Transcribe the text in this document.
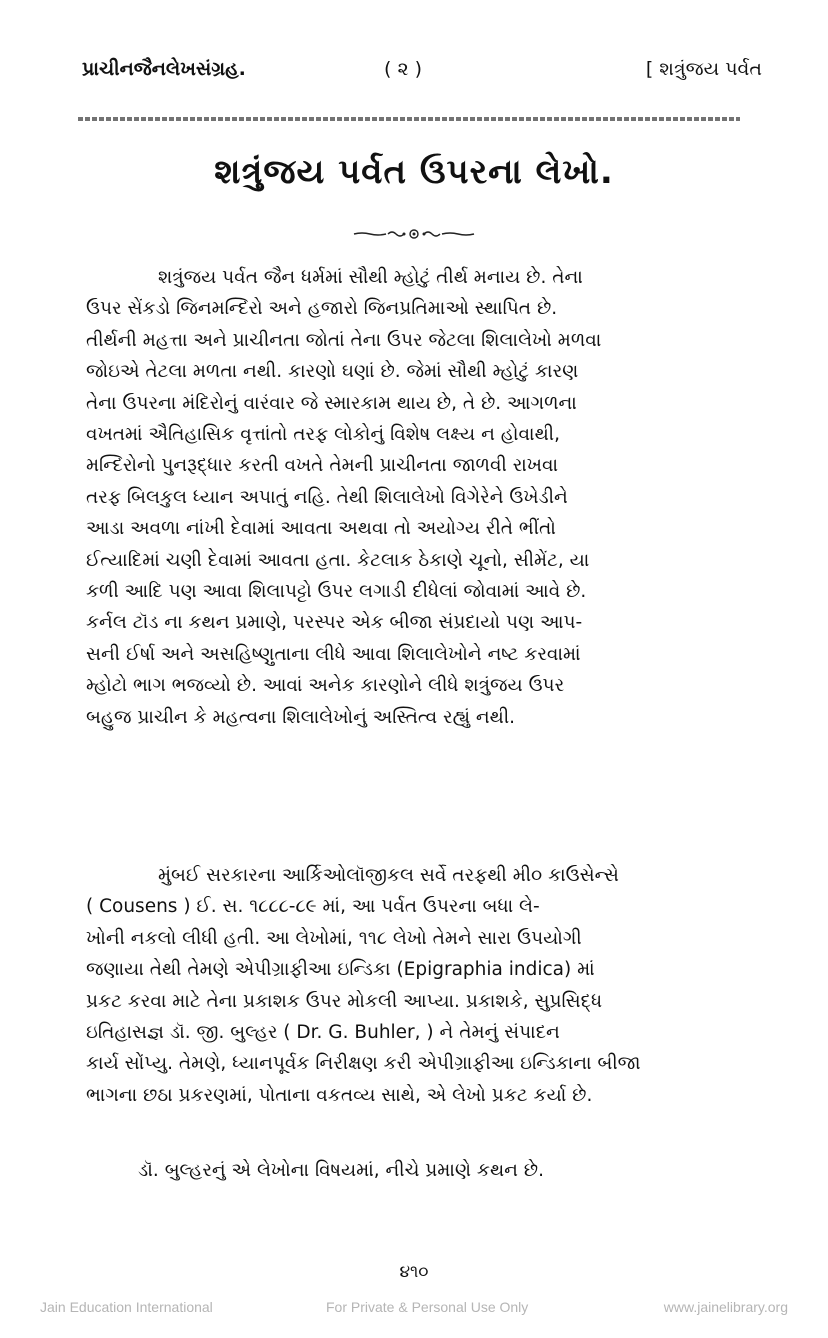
પ્રાચીનજૈનલેખસંગ્રહ.	( ૨ )	[ શત્રુંજય પર્વત
શત્રુંજય પર્વત ઉપરના લેખો.
શત્રુંજય પર્વત જૈન ધર્મમાં સૌથી મ્હોટું તીર્થ મનાય છે. તેના
ઉપર સેંકડો જિનમન્દિરો અને હજારો જિનપ્રતિમાઓ સ્થાપિત છે.
તીર્થની મહત્તા અને પ્રાચીનતા જોતાં તેના ઉપર જેટલા શિલાલેખો મળવા
જોઇએ તેટલા મળતા નથી. કારણો ઘણાં છે. જેમાં સૌથી મ્હોટું કારણ
તેના ઉપરના મંદિરોનું વારંવાર જે સ્મારકામ થાય છે, તે છે. આગળના
વખતમાં ઐતિહાસિક વૃત્તાંતો તરફ લોકોનું વિશેષ લક્ષ્ય ન હોવાથી,
મન્દિરોનો પુનરૂદ્ધાર કરતી વખતે તેમની પ્રાચીનતા જાળવી રાખવા
તરફ બિલકુલ ધ્યાન અપાતું નહિ. તેથી શિલાલેખો વિગેરેને ઉખેડીને
આડા અવળા નાંખી દેવામાં આવતા અથવા તો અયોગ્ય રીતે ભીંતો
ઈત્યાદિમાં ચણી દેવામાં આવતા હતા. કેટલાક ઠેકાણે ચૂનો, સીમેંટ, યા
કળી આદિ પણ આવા શિલાપટ્ટો ઉપર લગાડી દીધેલાં જોવામાં આવે છે.
કર્નલ ટૉડ ના કથન પ્રમાણે, પરસ્પર એક બીજા સંપ્રદાયો પણ આપ-
સની ઈર્ષા અને અસહિષ્ણુતાના લીધે આવા શિલાલેખોને નષ્ટ કરવામાં
મ્હોટો ભાગ ભજવ્યો છે. આવાં અનેક કારણોને લીધે શત્રુંજય ઉપર
બહુજ પ્રાચીન કે મહત્વના શિલાલેખોનું અસ્તિત્વ રહ્યું નથી.
મુંબઈ સરકારના આર્કિઓલૉજીકલ સર્વે તરફથી મી૦ કાઉસેન્સે
( Cousens ) ઈ. સ. ૧૮૮૮-૮૯ માં, આ પર્વત ઉપરના બધા લે-
ખોની નકલો લીધી હતી. આ લેખોમાં, ૧૧૮ લેખો તેમને સારા ઉપયોગી
જણાયા તેથી તેમણે એપીગ્રાફીઆ ઇન્ડિકા (Epigraphia indica) માં
પ્રકટ કરવા માટે તેના પ્રકાશક ઉપર મોકલી આપ્યા. પ્રકાશકે, સુપ્રસિદ્ધ
ઇતિહાસજ્ઞ ડૉ. જી. બુલ્હર ( Dr. G. Buhler, ) ને તેમનું સંપાદન
કાર્ય સોંપ્યુ. તેમણે, ધ્યાનપૂર્વક નિરીક્ષણ કરી એપીગ્રાફીઆ ઇન્ડિકાના બીજા
ભાગના છઠા પ્રકરણમાં, પોતાના વકતવ્ય સાથે, એ લેખો પ્રકટ કર્યા છે.
ડૉ. બુલ્હરનું એ લેખોના વિષયમાં, નીચે પ્રમાણે કથન છે.
૪૧૦
Jain Education International	For Private & Personal Use Only	www.jainelibrary.org
